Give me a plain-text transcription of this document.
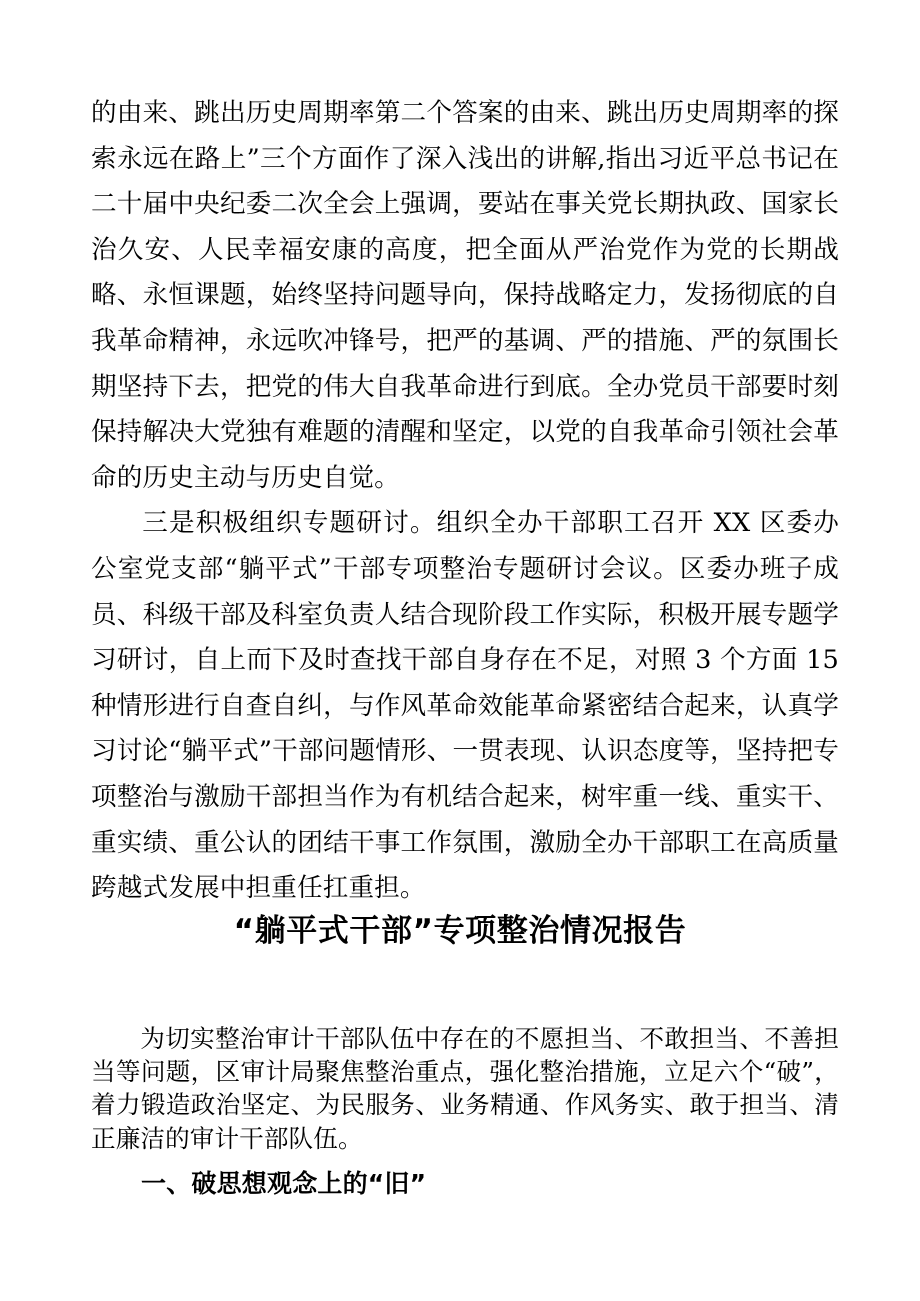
的由来、跳出历史周期率第二个答案的由来、跳出历史周期率的探索永远在路上”三个方面作了深入浅出的讲解,指出习近平总书记在二十届中央纪委二次全会上强调，要站在事关党长期执政、国家长治久安、人民幸福安康的高度，把全面从严治党作为党的长期战略、永恒课题，始终坚持问题导向，保持战略定力，发扬彻底的自我革命精神，永远吹冲锋号，把严的基调、严的措施、严的氛围长期坚持下去，把党的伟大自我革命进行到底。全办党员干部要时刻保持解决大党独有难题的清醒和坚定，以党的自我革命引领社会革命的历史主动与历史自觉。

三是积极组织专题研讨。组织全办干部职工召开 XX 区委办公室党支部“躺平式”干部专项整治专题研讨会议。区委办班子成员、科级干部及科室负责人结合现阶段工作实际，积极开展专题学习研讨，自上而下及时查找干部自身存在不足，对照 3 个方面 15 种情形进行自查自纠，与作风革命效能革命紧密结合起来，认真学习讨论“躺平式”干部问题情形、一贯表现、认识态度等，坚持把专项整治与激励干部担当作为有机结合起来，树牢重一线、重实干、重实绩、重公认的团结干事工作氛围，激励全办干部职工在高质量跨越式发展中担重任扛重担。

“躺平式干部”专项整治情况报告

为切实整治审计干部队伍中存在的不愿担当、不敢担当、不善担当等问题，区审计局聚焦整治重点，强化整治措施，立足六个“破”，着力锻造政治坚定、为民服务、业务精通、作风务实、敢于担当、清正廉洁的审计干部队伍。

一、破思想观念上的“旧”
